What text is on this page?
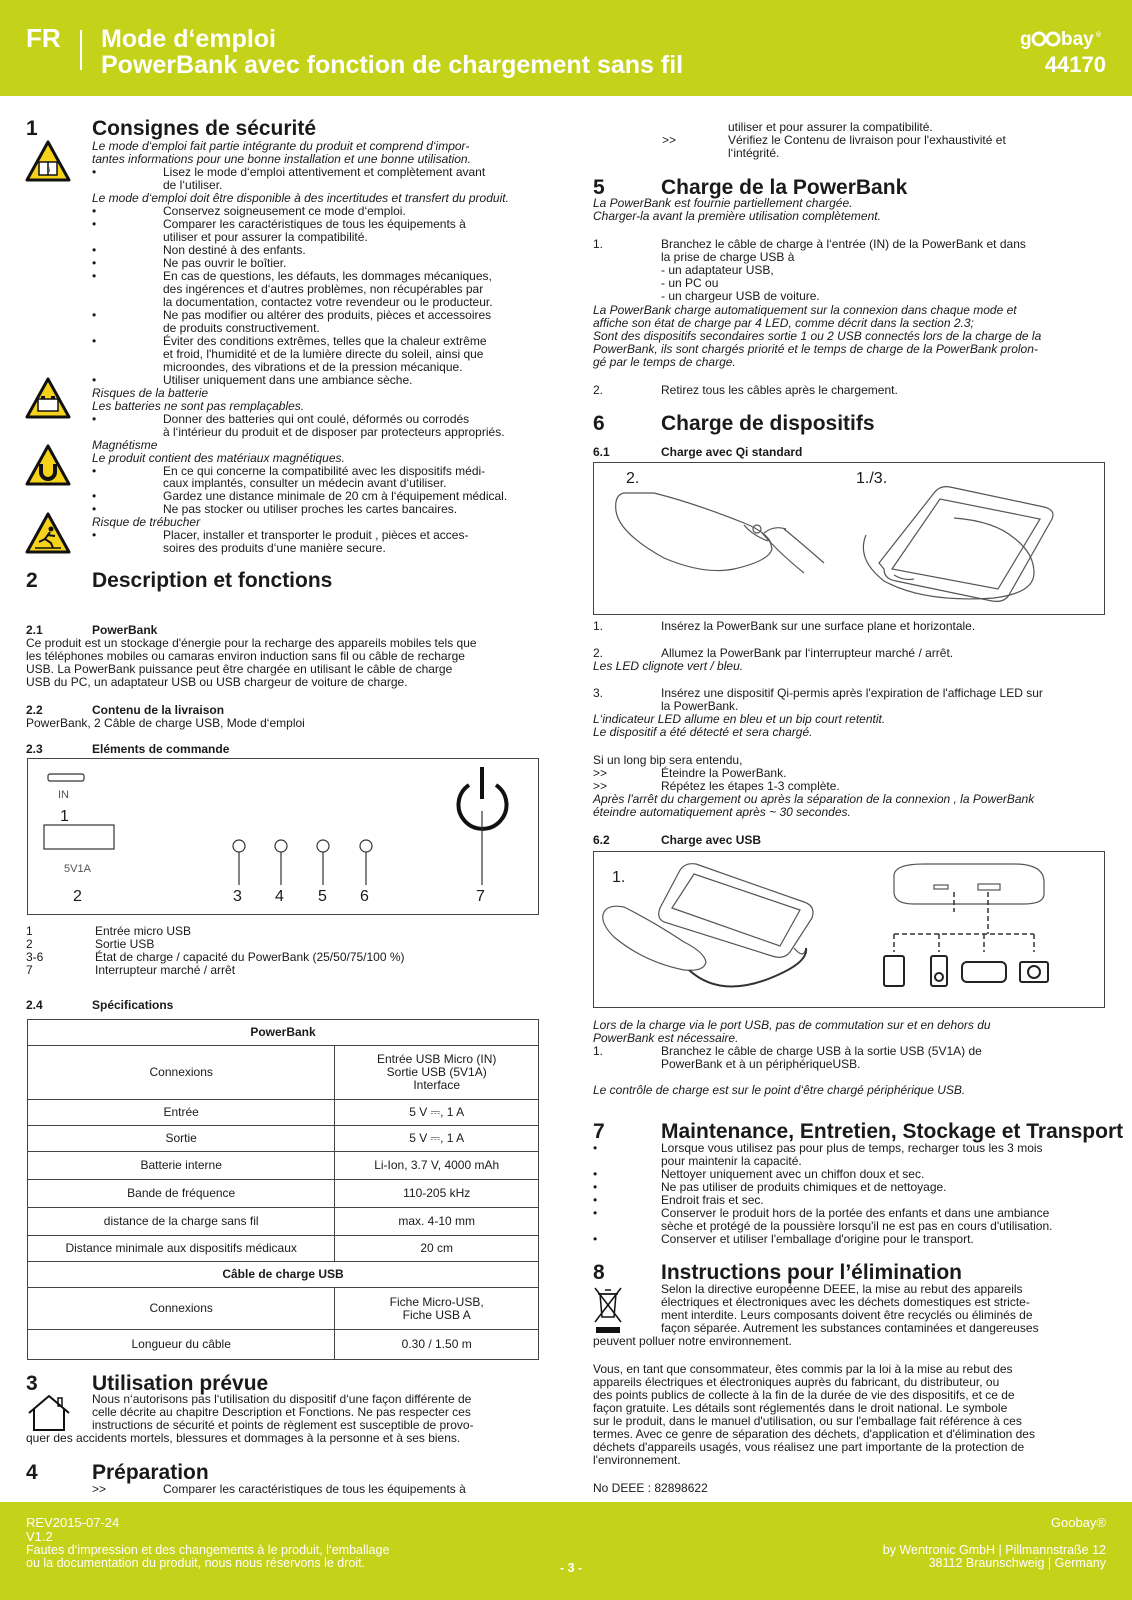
FR Mode d‘emploi
PowerBank avec fonction de chargement sans fil
g bay ®
44170
1	Consignes de sécurité
i
Le mode d‘emploi fait partie intégrante du produit et comprend d‘impor-
tantes informations pour une bonne installation et une bonne utilisation.
•	Lisez le mode d‘emploi attentivement et complètement avant
de l‘utiliser.
Le mode d‘emploi doit être disponible à des incertitudes et transfert du produit.
•	Conservez soigneusement ce mode d‘emploi.
•	Comparer les caractéristiques de tous les équipements à
utiliser et pour assurer la compatibilité.
•	Non destiné à des enfants.
•	Ne pas ouvrir le boîtier.
•	En cas de questions, les défauts, les dommages mécaniques,
des ingérences et d‘autres problèmes, non récupérables par
la documentation, contactez votre revendeur ou le producteur.
•	Ne pas modifier ou altérer des produits, pièces et accessoires
de produits constructivement.
•	Éviter des conditions extrêmes, telles que la chaleur extrême
et froid, l'humidité et de la lumière directe du soleil, ainsi que
microondes, des vibrations et de la pression mécanique.
•	Utiliser uniquement dans une ambiance sèche.
Risques de la batterie
Les batteries ne sont pas remplaçables.
•	Donner des batteries qui ont coulé, déformés ou corrodés
à l‘intérieur du produit et de disposer par protecteurs appropriés.
Magnétisme
Le produit contient des matériaux magnétiques.
•	En ce qui concerne la compatibilité avec les dispositifs médi-
caux implantés, consulter un médecin avant d‘utiliser.
•	Gardez une distance minimale de 20 cm à l‘équipement médical.
•	Ne pas stocker ou utiliser proches les cartes bancaires.
Risque de trébucher
•	Placer, installer et transporter le produit , pièces et acces-
soires des produits d‘une manière secure.
2	Description et fonctions
2.1	PowerBank
Ce produit est un stockage d'énergie pour la recharge des appareils mobiles tels que
les téléphones mobiles ou camaras environ induction sans fil ou câble de recharge
USB. La PowerBank puissance peut être chargée en utilisant le câble de charge
USB du PC, un adaptateur USB ou USB chargeur de voiture de charge.
2.2	Contenu de la livraison
PowerBank, 2 Câble de charge USB, Mode d‘emploi
2.3	Eléments de commande
IN
1
5V1A
2	3 4 5 6	7
1	Entrée micro USB
2	Sortie USB
3-6	État de charge / capacité du PowerBank (25/50/75/100 %)
7	Interrupteur marché / arrêt
2.4	Spécifications
PowerBank	
Connexions	Entrée USB Micro (IN)
Sortie USB (5V1A)
Interface
Entrée	5 V ⎓, 1 A
Sortie	5 V ⎓, 1 A
Batterie interne	Li-Ion, 3.7 V, 4000 mAh
Bande de fréquence	110-205 kHz
distance de la charge sans fil	max. 4-10 mm
Distance minimale aux dispositifs médicaux	20 cm
Câble de charge USB	
Connexions	Fiche Micro-USB,
Fiche USB A
Longueur du câble	0.30 / 1.50 m
3	Utilisation prévue
Nous n‘autorisons pas l‘utilisation du dispositif d‘une façon différente de
celle décrite au chapitre Description et Fonctions. Ne pas respecter ces
instructions de sécurité et points de règlement est susceptible de provo-
quer des accidents mortels, blessures et dommages à la personne et à ses biens.
4	Préparation
>>	Comparer les caractéristiques de tous les équipements à
utiliser et pour assurer la compatibilité.
>>	Vérifiez le Contenu de livraison pour l'exhaustivité et
l‘intégrité.
5	Charge de la PowerBank
La PowerBank est fournie partiellement chargée.
Charger-la avant la première utilisation complètement.
1.	Branchez le câble de charge à l‘entrée (IN) de la PowerBank et dans
la prise de charge USB à
- un adaptateur USB,
- un PC ou
- un chargeur USB de voiture.
La PowerBank charge automatiquement sur la connexion dans chaque mode et
affiche son état de charge par 4 LED, comme décrit dans la section 2.3;
Sont des dispositifs secondaires sortie 1 ou 2 USB connectés lors de la charge de la
PowerBank, ils sont chargés priorité et le temps de charge de la PowerBank prolon-
gé par le temps de charge.
2.	Retirez tous les câbles après le chargement.
6	Charge de dispositifs
6.1	Charge avec Qi standard
2.	1./3.
1.	Insérez la PowerBank sur une surface plane et horizontale.
2.	Allumez la PowerBank par l‘interrupteur marché / arrêt.
Les LED clignote vert / bleu.
3.	Insérez une dispositif Qi-permis après l'expiration de l'affichage LED sur
la PowerBank.
L‘indicateur LED allume en bleu et un bip court retentit.
Le dispositif a été détecté et sera chargé.
Si un long bip sera entendu,
>>	Éteindre la PowerBank.
>>	Répétez les étapes 1-3 complète.
Après l'arrêt du chargement ou après la séparation de la connexion , la PowerBank
éteindre automatiquement après ~ 30 secondes.
6.2	Charge avec USB
1.
Lors de la charge via le port USB, pas de commutation sur et en dehors du
PowerBank est nécessaire.
1.	Branchez le câble de charge USB à la sortie USB (5V1A) de
PowerBank et à un périphériqueUSB.
Le contrôle de charge est sur le point d‘être chargé périphérique USB.
7	Maintenance, Entretien, Stockage et Transport
•	Lorsque vous utilisez pas pour plus de temps, recharger tous les 3 mois
pour maintenir la capacité.
•	Nettoyer uniquement avec un chiffon doux et sec.
•	Ne pas utiliser de produits chimiques et de nettoyage.
•	Endroit frais et sec.
•	Conserver le produit hors de la portée des enfants et dans une ambiance
sèche et protégé de la poussière lorsqu'il ne est pas en cours d'utilisation.
•	Conserver et utiliser l'emballage d'origine pour le transport.
8	Instructions pour l’élimination
Selon la directive européenne DEEE, la mise au rebut des appareils
électriques et électroniques avec les déchets domestiques est stricte-
ment interdite. Leurs composants doivent être recyclés ou éliminés de
façon séparée. Autrement les substances contaminées et dangereuses
peuvent polluer notre environnement.
Vous, en tant que consommateur, êtes commis par la loi à la mise au rebut des
appareils électriques et électroniques auprès du fabricant, du distributeur, ou
des points publics de collecte à la fin de la durée de vie des dispositifs, et ce de
façon gratuite. Les détails sont réglementés dans le droit national. Le symbole
sur le produit, dans le manuel d'utilisation, ou sur l'emballage fait référence à ces
termes. Avec ce genre de séparation des déchets, d'application et d'élimination des
déchets d'appareils usagés, vous réalisez une part importante de la protection de
l'environnement.
No DEEE : 82898622
REV2015-07-24
V1.2
Fautes d‘impression et des changements à le produit, l‘emballage
ou la documentation du produit, nous nous réservons le droit.	- 3 -
Goobay®
by Wentronic GmbH | Pillmannstraße 12
38112 Braunschweig | Germany
